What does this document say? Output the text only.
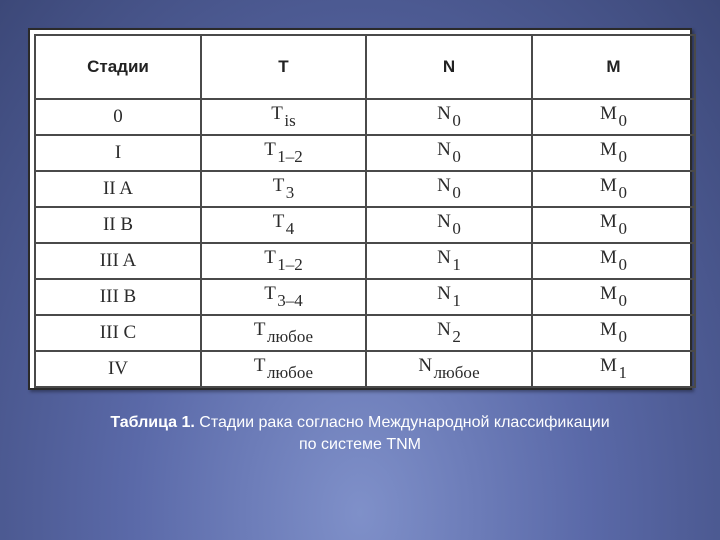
Стадии	T	N	M
0	Tis	N0	M0
I	T1–2	N0	M0
II A	T3	N0	M0
II B	T4	N0	M0
III A	T1–2	N1	M0
III B	T3–4	N1	M0
III C	Tлюбое	N2	M0
IV	Tлюбое	Nлюбое	M1
Таблица 1. Стадии рака согласно Международной классификации по системе TNM
